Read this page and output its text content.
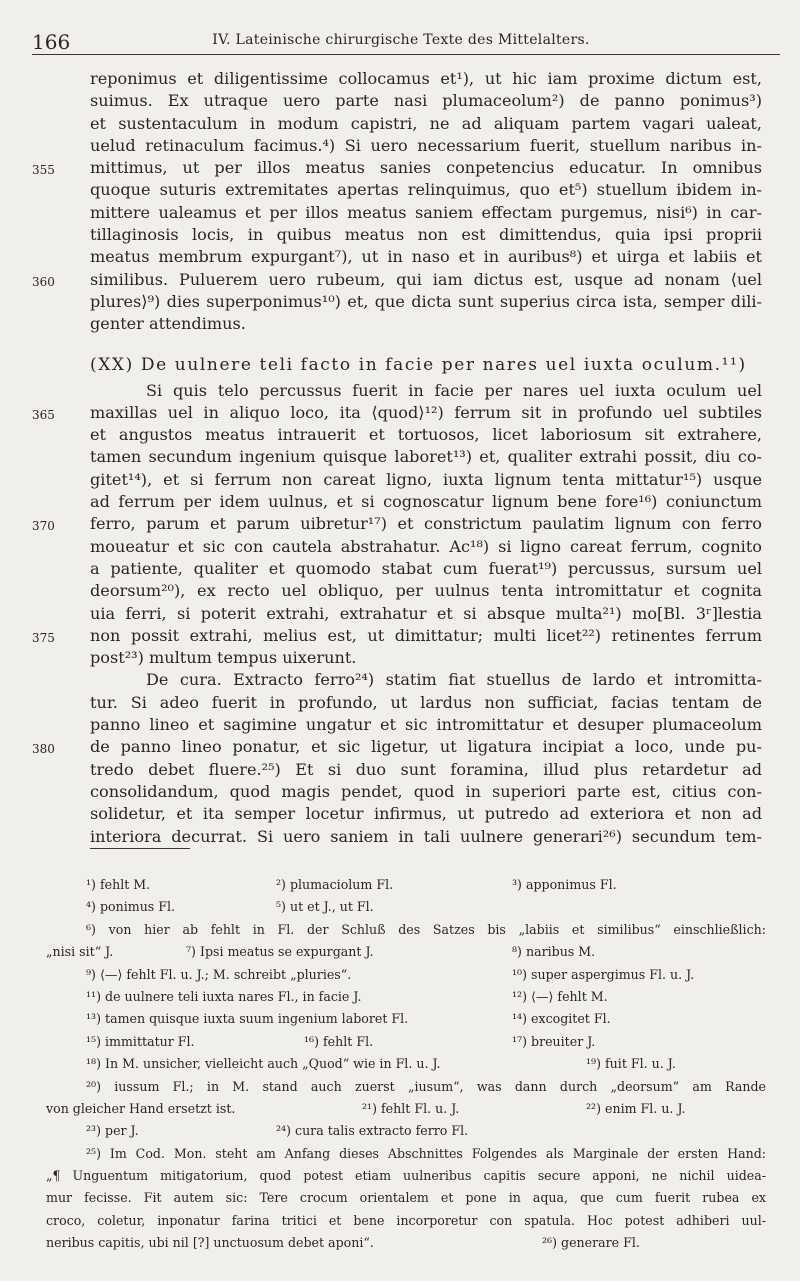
166	IV. Lateinische chirurgische Texte des Mittelalters.
reponimus et diligentissime collocamus et¹), ut hic iam proxime dictum est,
suimus. Ex utraque uero parte nasi plumaceolum²) de panno ponimus³)
et sustentaculum in modum capistri, ne ad aliquam partem vagari ualeat,
uelud retinaculum facimus.⁴) Si uero necessarium fuerit, stuellum naribus in-
355	mittimus, ut per illos meatus sanies conpetencius educatur. In omnibus
quoque suturis extremitates apertas relinquimus, quo et⁵) stuellum ibidem in-
mittere ualeamus et per illos meatus saniem effectam purgemus, nisi⁶) in car-
tillaginosis locis, in quibus meatus non est dimittendus, quia ipsi proprii
meatus membrum expurgant⁷), ut in naso et in auribus⁸) et uirga et labiis et
360	similibus. Puluerem uero rubeum, qui iam dictus est, usque ad nonam ⟨uel
plures⟩⁹) dies superponimus¹⁰) et, que dicta sunt superius circa ista, semper dili-
genter attendimus.
(XX) De uulnere teli facto in facie per nares uel iuxta oculum.¹¹)
Si quis telo percussus fuerit in facie per nares uel iuxta oculum uel
365	maxillas uel in aliquo loco, ita ⟨quod⟩¹²) ferrum sit in profundo uel subtiles
et angustos meatus intrauerit et tortuosos, licet laboriosum sit extrahere,
tamen secundum ingenium quisque laboret¹³) et, qualiter extrahi possit, diu co-
gitet¹⁴), et si ferrum non careat ligno, iuxta lignum tenta mittatur¹⁵) usque
ad ferrum per idem uulnus, et si cognoscatur lignum bene fore¹⁶) coniunctum
370	ferro, parum et parum uibretur¹⁷) et constrictum paulatim lignum con ferro
moueatur et sic con cautela abstrahatur. Ac¹⁸) si ligno careat ferrum, cognito
a patiente, qualiter et quomodo stabat cum fuerat¹⁹) percussus, sursum uel
deorsum²⁰), ex recto uel obliquo, per uulnus tenta intromittatur et cognita
uia ferri, si poterit extrahi, extrahatur et si absque multa²¹) mo[Bl. 3ʳ]lestia
375	non possit extrahi, melius est, ut dimittatur; multi licet²²) retinentes ferrum
post²³) multum tempus uixerunt.
De cura. Extracto ferro²⁴) statim fiat stuellus de lardo et intromitta-
tur. Si adeo fuerit in profundo, ut lardus non sufficiat, facias tentam de
panno lineo et sagimine ungatur et sic intromittatur et desuper plumaceolum
380	de panno lineo ponatur, et sic ligetur, ut ligatura incipiat a loco, unde pu-
tredo debet fluere.²⁵) Et si duo sunt foramina, illud plus retardetur ad
consolidandum, quod magis pendet, quod in superiori parte est, citius con-
solidetur, et ita semper locetur infirmus, ut putredo ad exteriora et non ad
interiora decurrat. Si uero saniem in tali uulnere generari²⁶) secundum tem-
¹) fehlt M.	²) plumaciolum Fl.	³) apponimus Fl.
⁴) ponimus Fl.	⁵) ut et J., ut Fl.
⁶) von hier ab fehlt in Fl. der Schluß des Satzes bis „labiis et similibus“ einschließlich:
„nisi sit“ J.	⁷) Ipsi meatus se expurgant J.	⁸) naribus M.
⁹) ⟨—⟩ fehlt Fl. u. J.; M. schreibt „pluries“.	¹⁰) super aspergimus Fl. u. J.
¹¹) de uulnere teli iuxta nares Fl., in facie J.	¹²) ⟨—⟩ fehlt M.
¹³) tamen quisque iuxta suum ingenium laboret Fl.	¹⁴) excogitet Fl.
¹⁵) immittatur Fl.	¹⁶) fehlt Fl.	¹⁷) breuiter J.
¹⁸) In M. unsicher, vielleicht auch „Quod“ wie in Fl. u. J.	¹⁹) fuit Fl. u. J.
²⁰) iussum Fl.; in M. stand auch zuerst „iusum“, was dann durch „deorsum“ am Rande
von gleicher Hand ersetzt ist.	²¹) fehlt Fl. u. J.	²²) enim Fl. u. J.
²³) per J.	²⁴) cura talis extracto ferro Fl.
²⁵) Im Cod. Mon. steht am Anfang dieses Abschnittes Folgendes als Marginale der ersten Hand:
„¶ Unguentum mitigatorium, quod potest etiam uulneribus capitis secure apponi, ne nichil uidea-
mur fecisse. Fit autem sic: Tere crocum orientalem et pone in aqua, que cum fuerit rubea ex
croco, coletur, inponatur farina tritici et bene incorporetur con spatula. Hoc potest adhiberi uul-
neribus capitis, ubi nil [?] unctuosum debet aponi“.	²⁶) generare Fl.
